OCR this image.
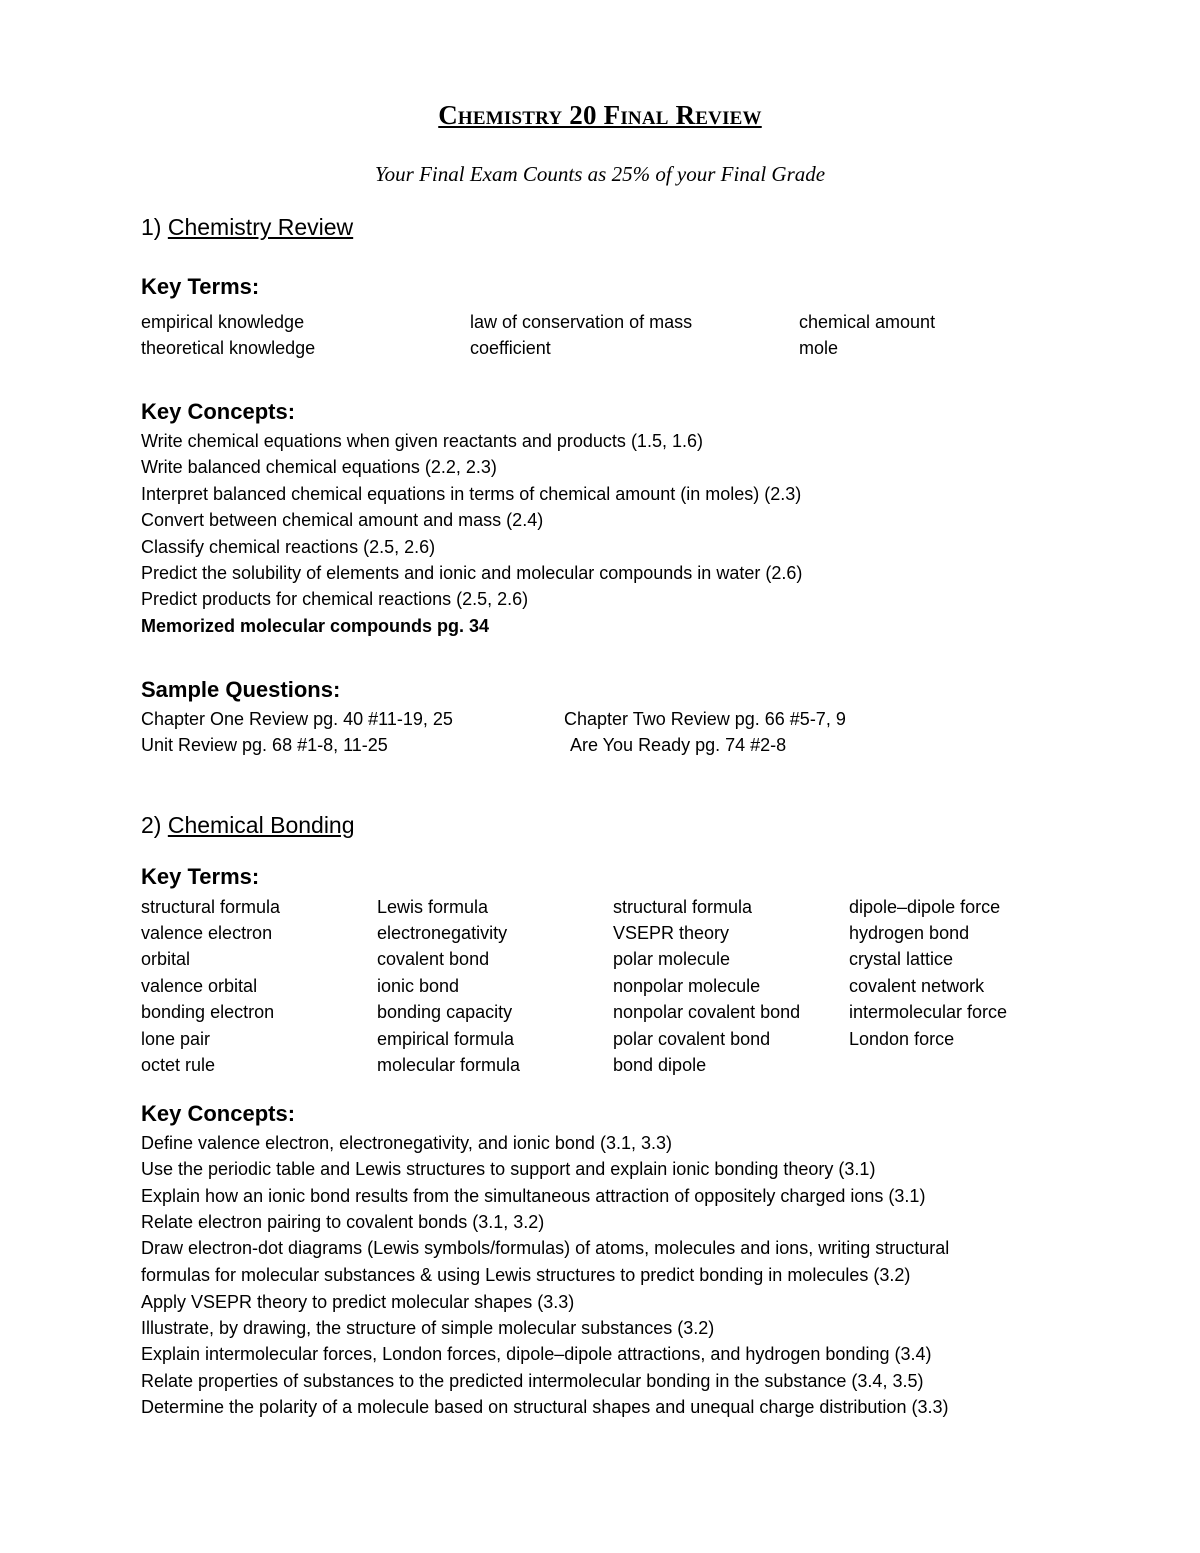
Chemistry 20 Final Review
Your Final Exam Counts as 25% of your Final Grade
1) Chemistry Review
Key Terms:
empirical knowledge	law of conservation of mass	chemical amount
theoretical knowledge	coefficient	mole
Key Concepts:
Write chemical equations when given reactants and products (1.5, 1.6)
Write balanced chemical equations (2.2, 2.3)
Interpret balanced chemical equations in terms of chemical amount (in moles) (2.3)
Convert between chemical amount and mass (2.4)
Classify chemical reactions (2.5, 2.6)
Predict the solubility of elements and ionic and molecular compounds in water (2.6)
Predict products for chemical reactions (2.5, 2.6)
Memorized molecular compounds pg. 34
Sample Questions:
Chapter One Review pg. 40 #11-19, 25	Chapter Two Review pg. 66 #5-7, 9
Unit Review pg. 68 #1-8, 11-25	Are You Ready pg. 74 #2-8
2) Chemical Bonding
Key Terms:
structural formula	Lewis formula	structural formula	dipole–dipole force
valence electron	electronegativity	VSEPR theory	hydrogen bond
orbital	covalent bond	polar molecule	crystal lattice
valence orbital	ionic bond	nonpolar molecule	covalent network
bonding electron	bonding capacity	nonpolar covalent bond	intermolecular force
lone pair	empirical formula	polar covalent bond	London force
octet rule	molecular formula	bond dipole
Key Concepts:
Define valence electron, electronegativity, and ionic bond (3.1, 3.3)
Use the periodic table and Lewis structures to support and explain ionic bonding theory (3.1)
Explain how an ionic bond results from the simultaneous attraction of oppositely charged ions (3.1)
Relate electron pairing to covalent bonds (3.1, 3.2)
Draw electron-dot diagrams (Lewis symbols/formulas) of atoms, molecules and ions, writing structural
formulas for molecular substances & using Lewis structures to predict bonding in molecules (3.2)
Apply VSEPR theory to predict molecular shapes (3.3)
Illustrate, by drawing, the structure of simple molecular substances (3.2)
Explain intermolecular forces, London forces, dipole–dipole attractions, and hydrogen bonding (3.4)
Relate properties of substances to the predicted intermolecular bonding in the substance (3.4, 3.5)
Determine the polarity of a molecule based on structural shapes and unequal charge distribution (3.3)
